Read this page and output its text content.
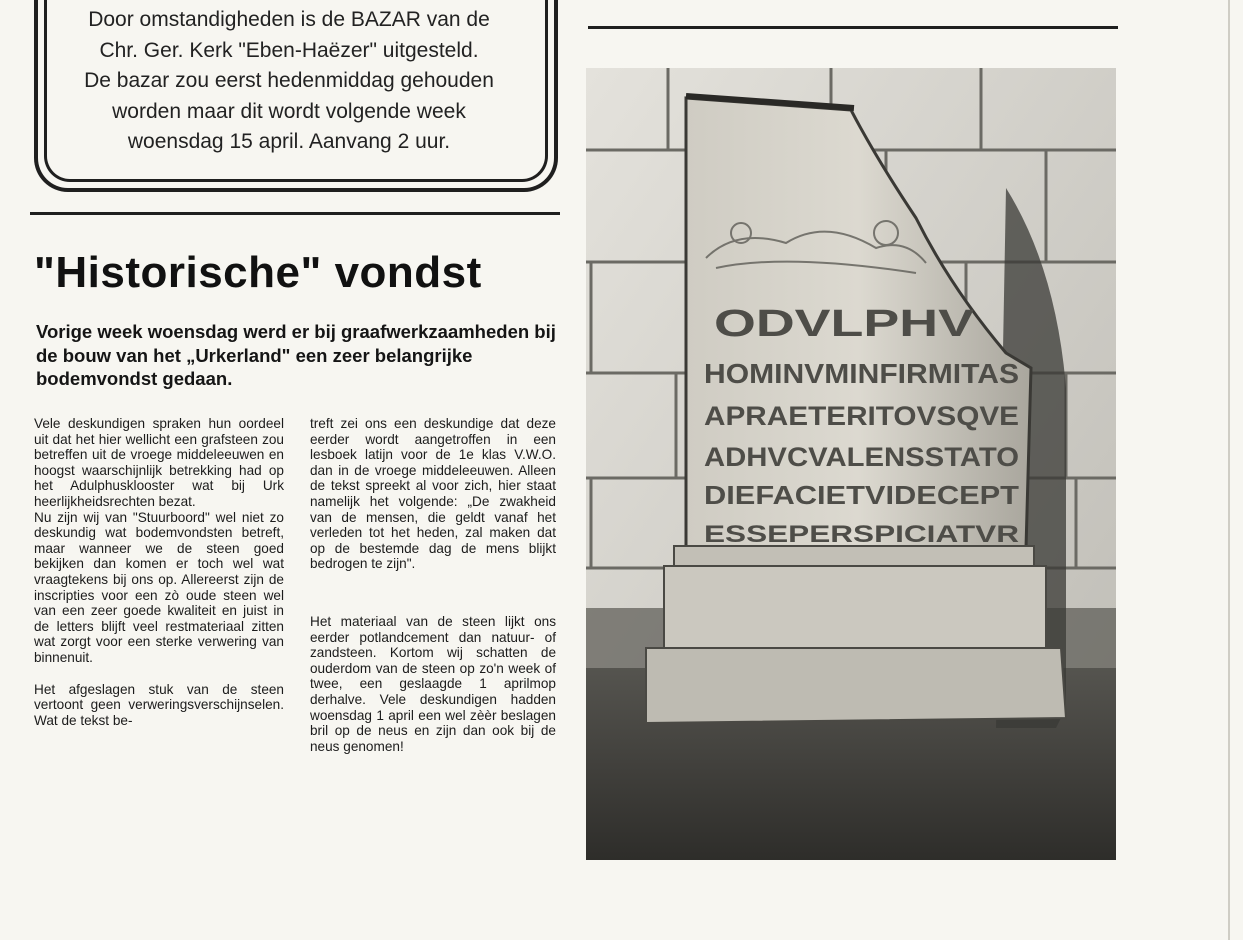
Door omstandigheden is de BAZAR van de
Chr. Ger. Kerk "Eben-Haëzer" uitgesteld.
De bazar zou eerst hedenmiddag gehouden
worden maar dit wordt volgende week
woensdag 15 april. Aanvang 2 uur.
"Historische" vondst
Vorige week woensdag werd er bij graafwerkzaamheden bij de bouw van het „Urkerland" een zeer belangrijke bodemvondst gedaan.

Vele deskundigen spraken hun oordeel uit dat het hier wellicht een grafsteen zou betreffen uit de vroege middeleeuwen en hoogst waarschijnlijk betrekking had op het Adulphusklooster wat bij Urk heerlijkheidsrechten bezat.

Nu zijn wij van "Stuurboord" wel niet zo deskundig wat bodemvondsten betreft, maar wanneer we de steen goed bekijken dan komen er toch wel wat vraagtekens bij ons op. Allereerst zijn de inscripties voor een zò oude steen wel van een zeer goede kwaliteit en juist in de letters blijft veel restmateriaal zitten wat zorgt voor een sterke verwering van binnenuit.

Het afgeslagen stuk van de steen vertoont geen verweringsverschijnselen. Wat de tekst be-

treft zei ons een deskundige dat deze eerder wordt aangetroffen in een lesboek latijn voor de 1e klas V.W.O. dan in de vroege middeleeuwen. Alleen de tekst spreekt al voor zich, hier staat namelijk het volgende: „De zwakheid van de mensen, die geldt vanaf het verleden tot het heden, zal maken dat op de bestemde dag de mens blijkt bedrogen te zijn".

Het materiaal van de steen lijkt ons eerder potlandcement dan natuur- of zandsteen. Kortom wij schatten de ouderdom van de steen op zo'n week of twee, een geslaagde 1 aprilmop derhalve. Vele deskundigen hadden woensdag 1 april een wel zèèr beslagen bril op de neus en zijn dan ook bij de neus genomen!

ODVLPHV
HOMINVMINFIRMITAS
APRAETERITOVSQVE
ADHVCVALENSSTATO
DIEFACIETVIDECEPT
ESSEPERSPICIATVR
